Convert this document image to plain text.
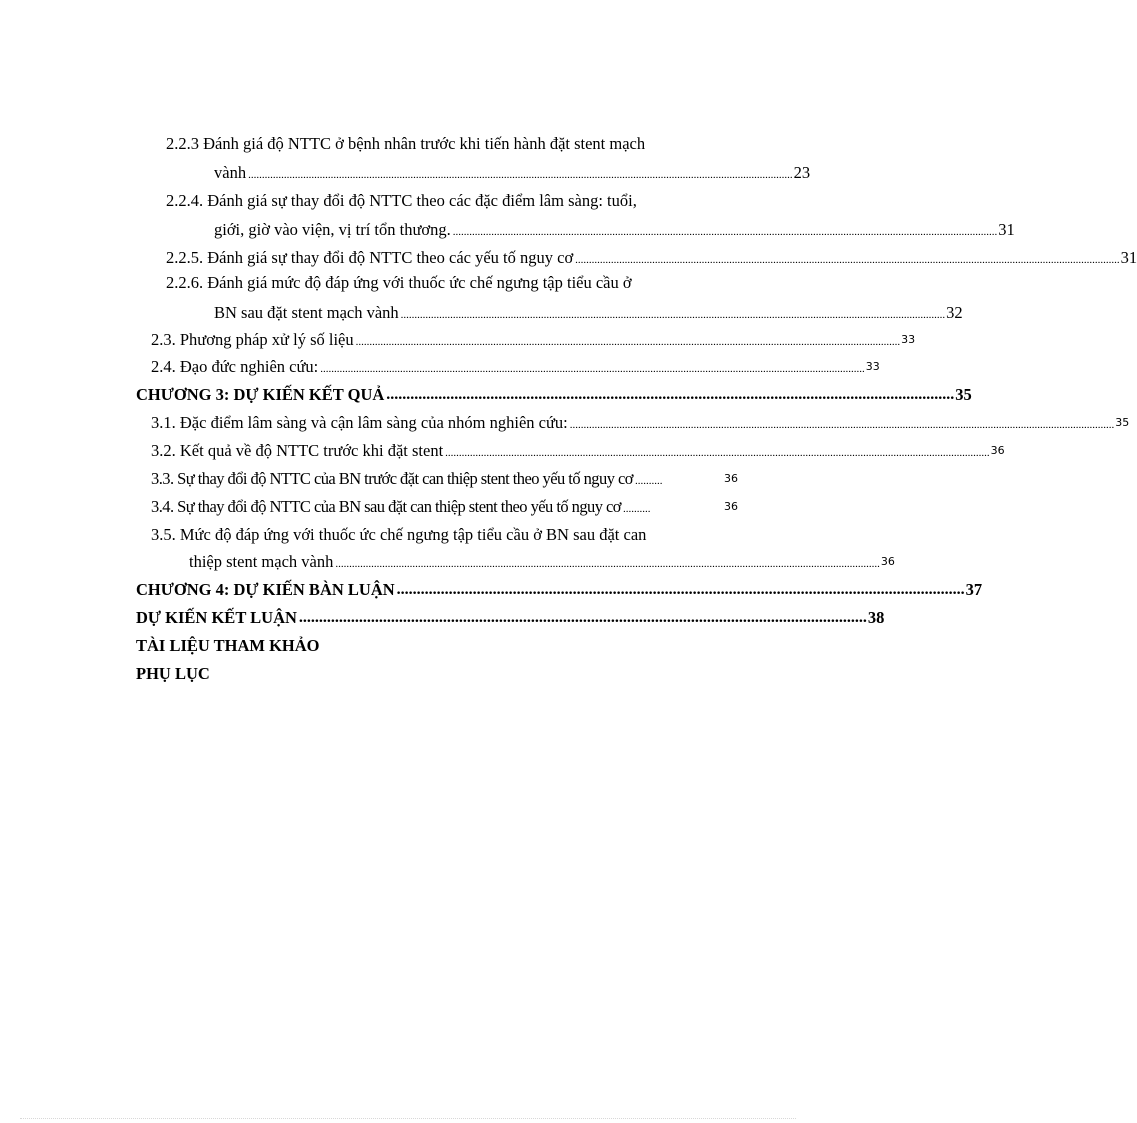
2.2.3 Đánh giá độ NTTC ở bệnh nhân trước khi tiến hành đặt stent mạch
vành ...................................................................................................................................................................................................... 23
2.2.4. Đánh giá sự thay đổi độ NTTC theo các đặc điểm lâm sàng: tuổi,
giới, giờ vào viện, vị trí tổn thương. ...................................................................................................................................................................................................... 31
2.2.5. Đánh giá sự thay đổi độ NTTC theo các yếu tố nguy cơ ...................................................................................................................................................................................................... 31
2.2.6. Đánh giá mức độ đáp ứng với thuốc ức chế ngưng tập tiểu cầu ở
BN sau đặt stent mạch vành ...................................................................................................................................................................................................... 32
2.3. Phương pháp xử lý số liệu ...................................................................................................................................................................................................... 33
2.4. Đạo đức nghiên cứu: ...................................................................................................................................................................................................... 33
CHƯƠNG 3: DỰ KIẾN KẾT QUẢ .............................................................................................................................................. 35
3.1. Đặc điểm lâm sàng và cận lâm sàng của nhóm nghiên cứu: ...................................................................................................................................................................................................... 35
3.2. Kết quả về độ NTTC trước khi đặt stent ...................................................................................................................................................................................................... 36
3.3. Sự thay đổi độ NTTC của BN trước đặt can thiệp stent theo yếu tố nguy cơ ..........	36
3.4. Sự thay đổi độ NTTC của BN sau đặt can thiệp stent theo yếu tố nguy cơ ..........	36
3.5. Mức độ đáp ứng với thuốc ức chế ngưng tập tiểu cầu ở BN sau đặt can
thiệp stent mạch vành ...................................................................................................................................................................................................... 36
CHƯƠNG 4: DỰ KIẾN BÀN LUẬN .............................................................................................................................................. 37
DỰ KIẾN KẾT LUẬN .............................................................................................................................................. 38
TÀI LIỆU THAM KHẢO
PHỤ LỤC
